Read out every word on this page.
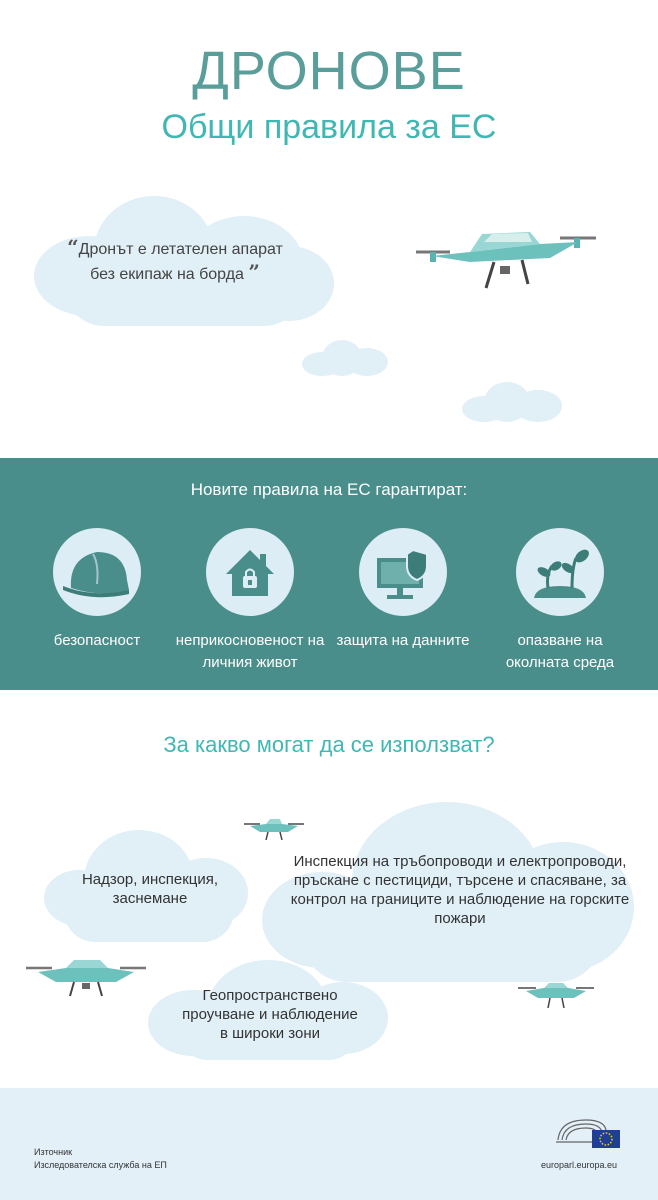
ДРОНОВЕ
Общи правила за ЕС
“Дронът е летателен апарат без екипаж на борда ”
Новите правила на ЕС гарантират:
безопасност	неприкосновеност на личния живот
защита на данните	опазване на околната среда
За какво могат да се използват?
Надзор, инспекция, заснемане
Инспекция на тръбопроводи и електропроводи, пръскане с пестициди, търсене и спасяване, за контрол на границите и наблюдение на горските пожари
Геопространствено проучване и наблюдение в широки зони
Източник
Изследователска служба на ЕП	europarl.europa.eu
